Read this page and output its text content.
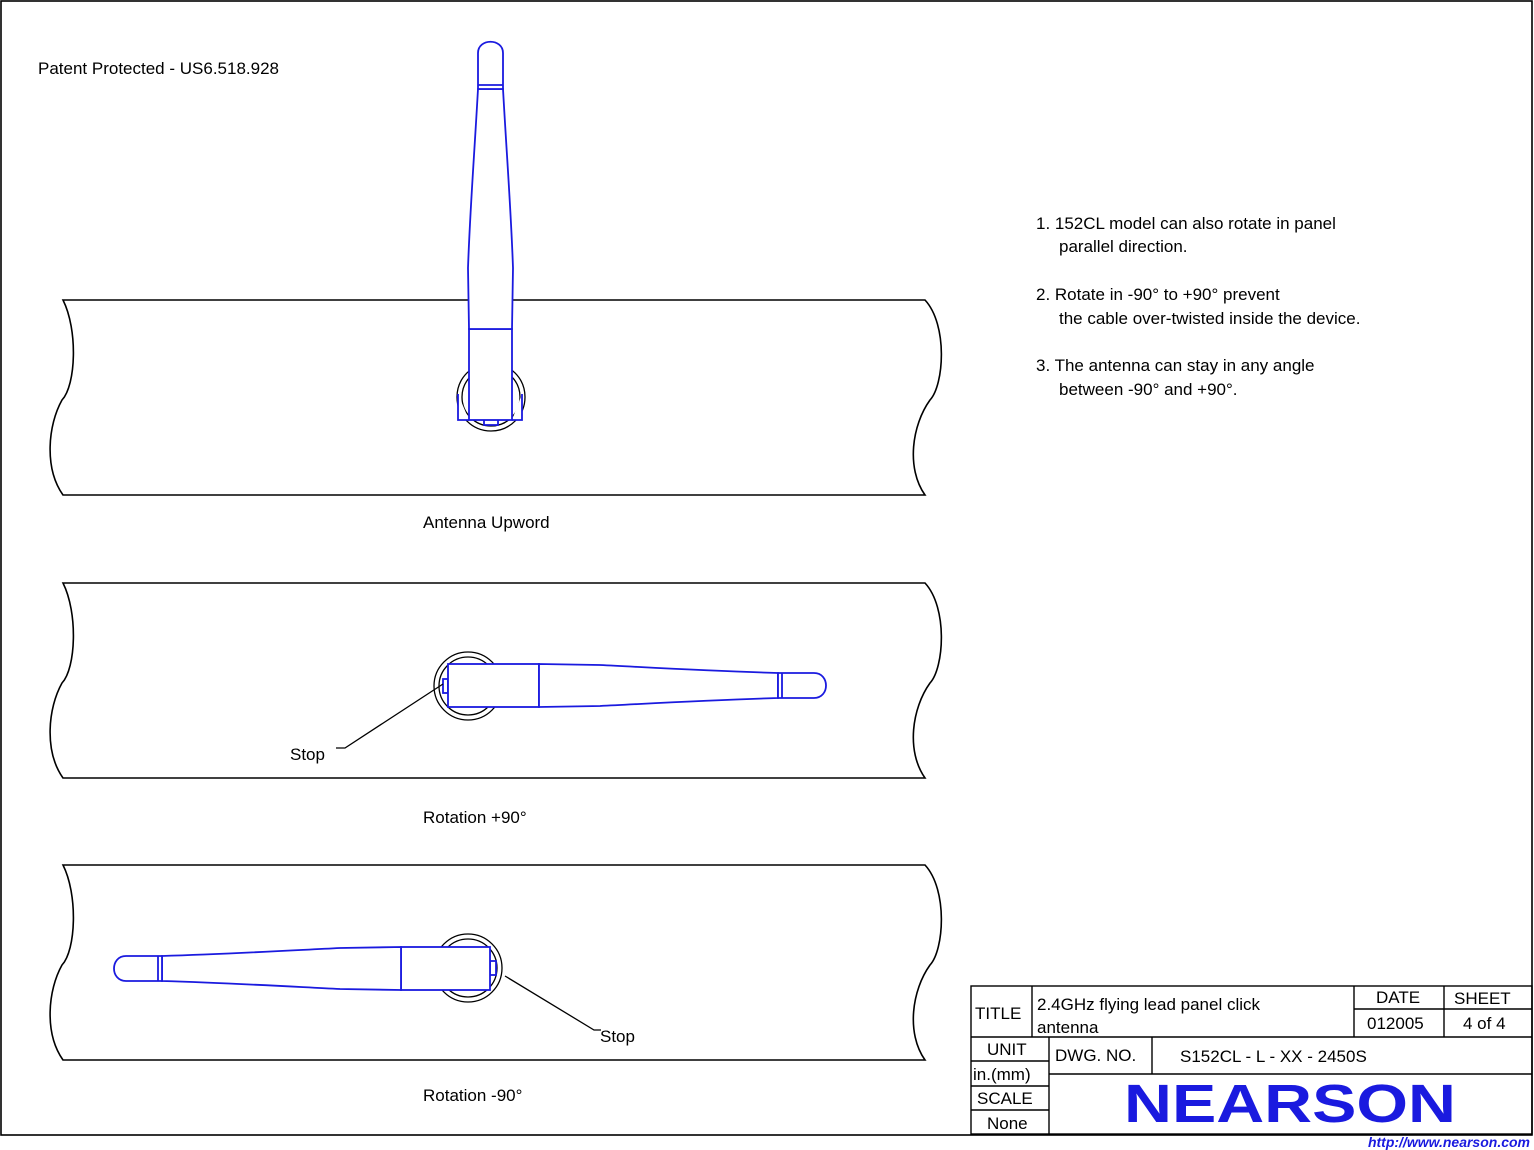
Patent Protected - US6.518.928
Antenna Upword
Stop
Rotation +90°
Stop
Rotation -90°
1. 152CL model can also rotate in panel
parallel direction.
2. Rotate in -90° to +90° prevent
the cable over-twisted inside the device.
3. The antenna can stay in any angle
between -90° and +90°.
TITLE 2.4GHz flying lead panel click
antenna
DATE
012005
SHEET
4 of 4
UNIT
in.(mm)
DWG. NO.	S152CL - L - XX - 2450S
SCALE
None NEARSON
http://www.nearson.com
